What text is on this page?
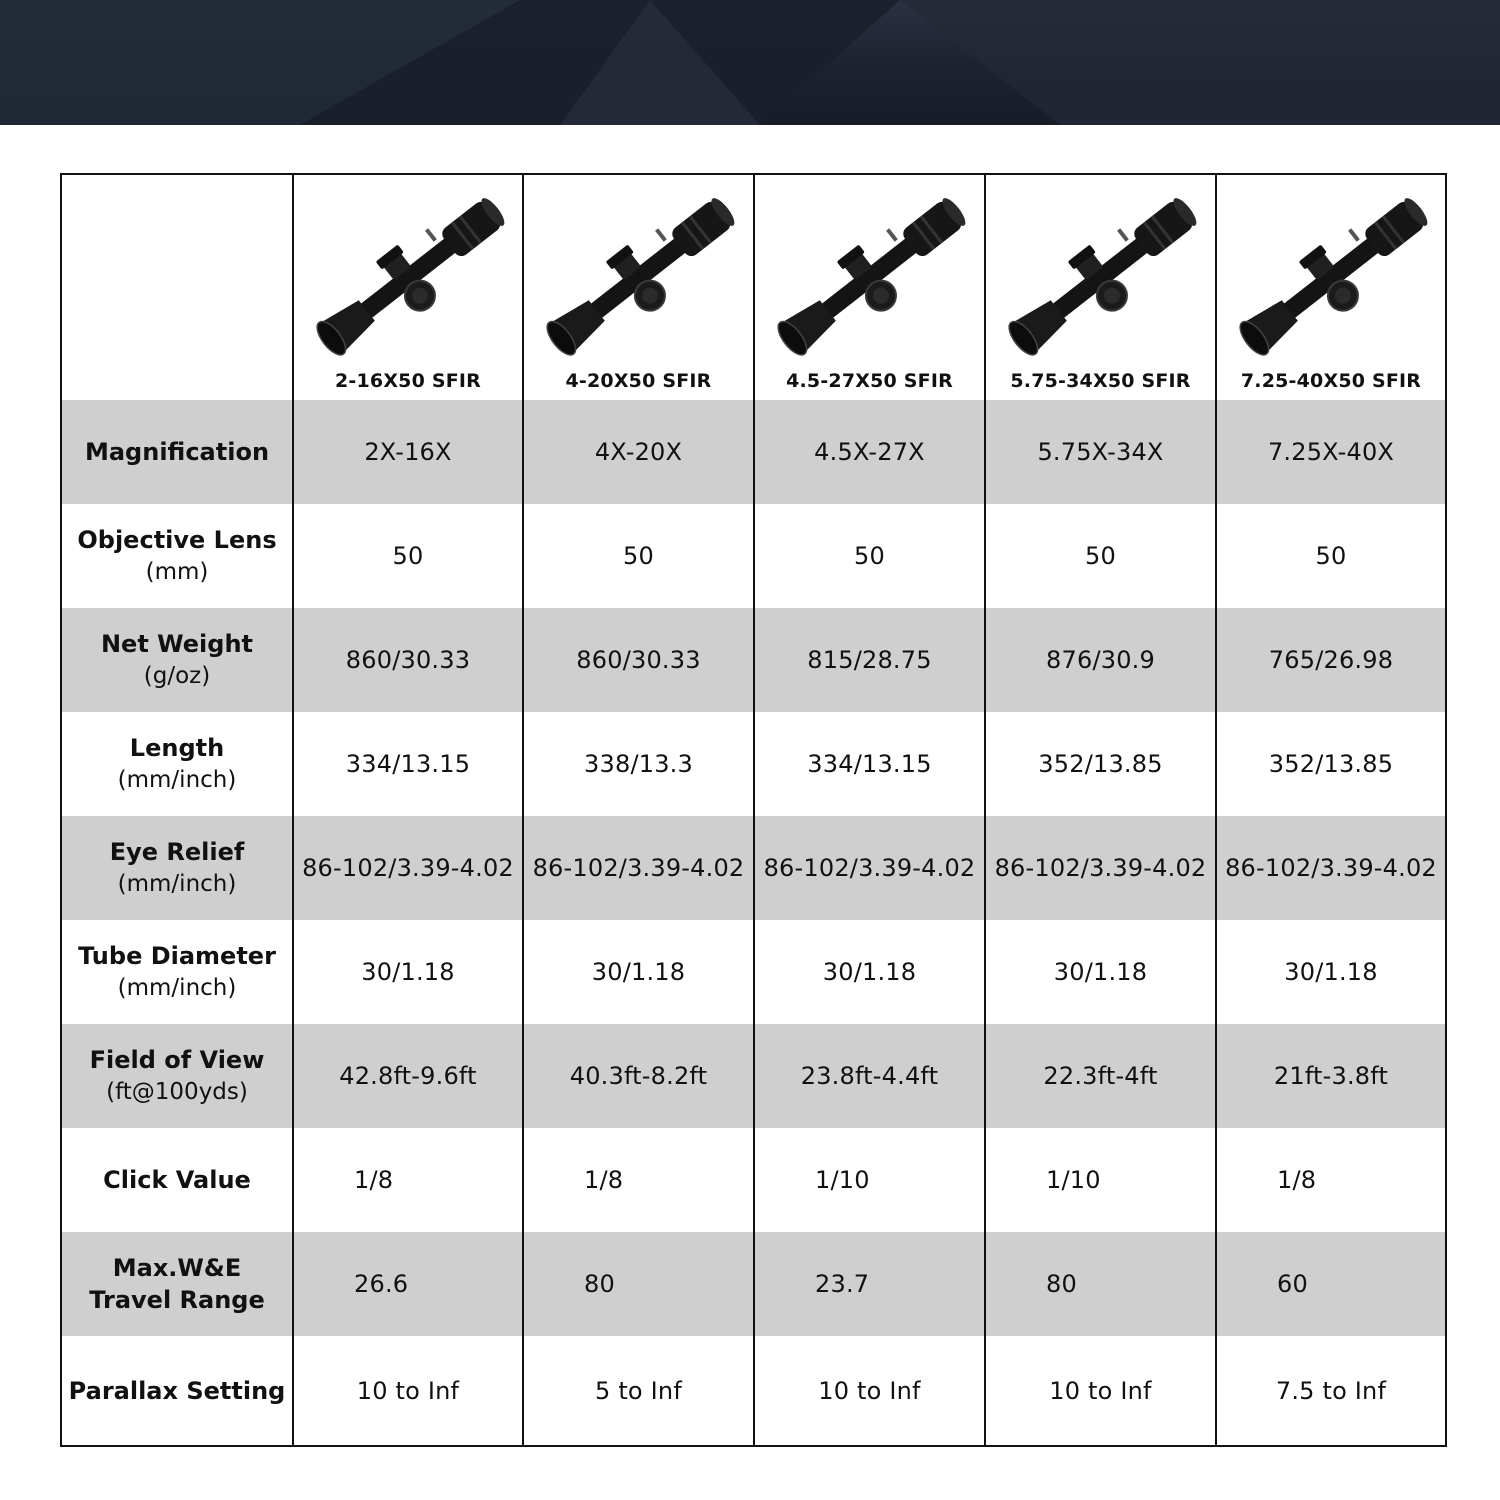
	2-16X50 SFIR	4-20X50 SFIR	4.5-27X50 SFIR	5.75-34X50 SFIR	7.25-40X50 SFIR

Magnification	2X-16X	4X-20X	4.5X-27X	5.75X-34X	7.25X-40X

Objective Lens
(mm)	50	50	50	50	50

Net Weight
(g/oz)	860/30.33	860/30.33	815/28.75	876/30.9	765/26.98

Length
(mm/inch)	334/13.15	338/13.3	334/13.15	352/13.85	352/13.85

Eye Relief
(mm/inch)	86-102/3.39-4.02	86-102/3.39-4.02	86-102/3.39-4.02	86-102/3.39-4.02	86-102/3.39-4.02

Tube Diameter
(mm/inch)	30/1.18	30/1.18	30/1.18	30/1.18	30/1.18

Field of View
(ft@100yds)	42.8ft-9.6ft	40.3ft-8.2ft	23.8ft-4.4ft	22.3ft-4ft	21ft-3.8ft

Click Value	1/8	1/8	1/10	1/10	1/8

Max.W&E
Travel Range	26.6	80	23.7	80	60

Parallax Setting	10 to Inf	5 to Inf	10 to Inf	10 to Inf	7.5 to Inf
